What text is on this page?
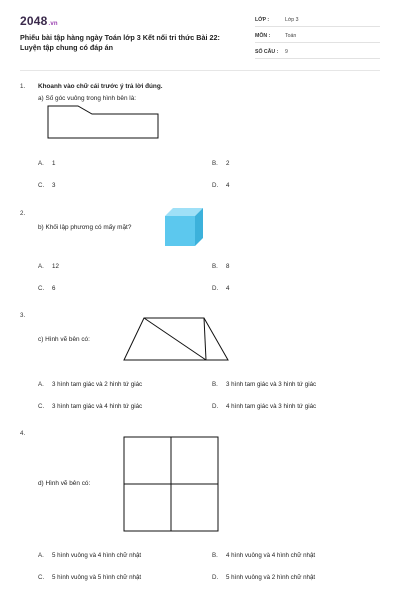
2048.vn
Phiếu bài tập hàng ngày Toán lớp 3 Kết nối tri thức Bài 22: Luyện tập chung có đáp án
LỚP :	Lớp 3
MÔN :	Toán
SỐ CÂU :	9
1. Khoanh vào chữ cái trước ý trả lời đúng.
a) Số góc vuông trong hình bên là:
A. 1	B. 2
C. 3	D. 4
2.
b) Khối lập phương có mấy mặt?
A. 12	B. 8
C. 6	D. 4
3.
c) Hình vẽ bên có:
A. 3 hình tam giác và 2 hình tứ giác	B. 3 hình tam giác và 3 hình tứ giác
C. 3 hình tam giác và 4 hình tứ giác	D. 4 hình tam giác và 3 hình tứ giác
4.
d) Hình vẽ bên có:
A. 5 hình vuông và 4 hình chữ nhật	B. 4 hình vuông và 4 hình chữ nhật
C. 5 hình vuông và 5 hình chữ nhật	D. 5 hình vuông và 2 hình chữ nhật
